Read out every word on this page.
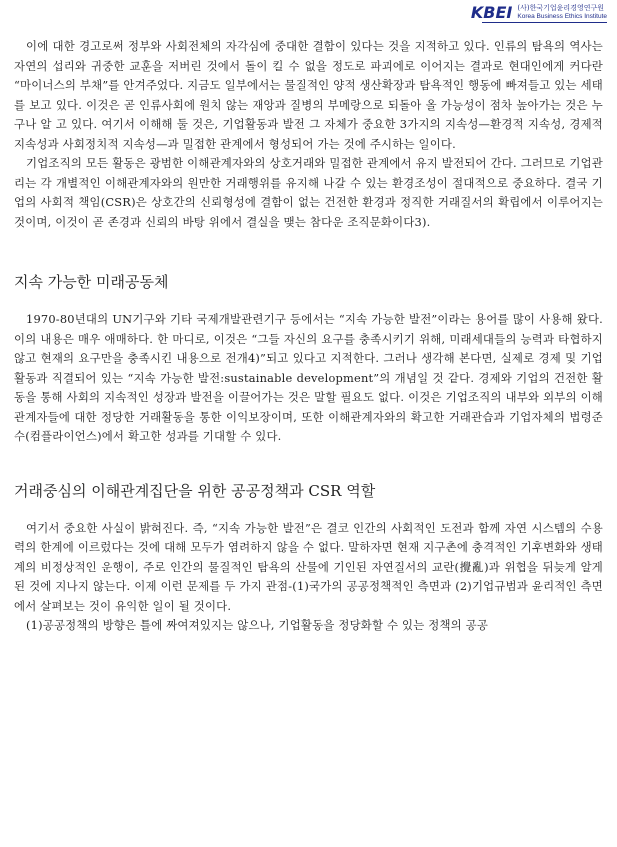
KBEI (사)한국기업윤리경영연구원
Korea Business Ethics Institute

이에 대한 경고로써 정부와 사회전체의 자각심에 중대한 결함이 있다는 것을 지적하고 있다. 인류의 탐욕의 역사는 자연의 섭리와 귀중한 교훈을 저버린 것에서 돌이 킬 수 없을 정도로 파괴에로 이어지는 결과로 현대인에게 커다란 “마이너스의 부채”를 안겨주었다. 지금도 일부에서는 물질적인 양적 생산확장과 탐욕적인 행동에 빠져들고 있는 세태를 보고 있다. 이것은 곧 인류사회에 원치 않는 재앙과 질병의 부메랑으로 되돌아 올 가능성이 점차 높아가는 것은 누구나 알 고 있다. 여기서 이해해 둘 것은, 기업활동과 발전 그 자체가 중요한 3가지의 지속성—환경적 지속성, 경제적 지속성과 사회정치적 지속성—과 밀접한 관계에서 형성되어 가는 것에 주시하는 일이다.

기업조직의 모든 활동은 광범한 이해관계자와의 상호거래와 밀접한 관계에서 유지 발전되어 간다. 그러므로 기업관리는 각 개별적인 이해관계자와의 원만한 거래행위를 유지해 나갈 수 있는 환경조성이 절대적으로 중요하다. 결국 기업의 사회적 책임(CSR)은 상호간의 신뢰형성에 결함이 없는 건전한 환경과 정직한 거래질서의 확립에서 이루어지는 것이며, 이것이 곧 존경과 신뢰의 바탕 위에서 결실을 맺는 참다운 조직문화이다3).

지속 가능한 미래공동체

1970-80년대의 UN기구와 기타 국제개발관련기구 등에서는 “지속 가능한 발전”이라는 용어를 많이 사용해 왔다. 이의 내용은 매우 애매하다. 한 마디로, 이것은 “그들 자신의 요구를 충족시키기 위해, 미래세대들의 능력과 타협하지 않고 현재의 요구만을 충족시킨 내용으로 전개4)”되고 있다고 지적한다. 그러나 생각해 본다면, 실제로 경제 및 기업활동과 직결되어 있는 “지속 가능한 발전:sustainable development”의 개념일 것 같다. 경제와 기업의 건전한 활동을 통해 사회의 지속적인 성장과 발전을 이끌어가는 것은 말할 필요도 없다. 이것은 기업조직의 내부와 외부의 이해관계자들에 대한 정당한 거래활동을 통한 이익보장이며, 또한 이해관계자와의 확고한 거래관습과 기업자체의 법령준수(컴플라이언스)에서 확고한 성과를 기대할 수 있다.

거래중심의 이해관계집단을 위한 공공정책과 CSR 역할

여기서 중요한 사실이 밝혀진다. 즉, “지속 가능한 발전”은 결코 인간의 사회적인 도전과 함께 자연 시스템의 수용력의 한계에 이르렀다는 것에 대해 모두가 염려하지 않을 수 없다. 말하자면 현재 지구촌에 충격적인 기후변화와 생태계의 비정상적인 운행이, 주로 인간의 물질적인 탐욕의 산물에 기인된 자연질서의 교란(攪亂)과 위협을 뒤늦게 알게 된 것에 지나지 않는다. 이제 이런 문제를 두 가지 관점-(1)국가의 공공정책적인 측면과 (2)기업규범과 윤리적인 측면에서 살펴보는 것이 유익한 일이 될 것이다.

(1)공공정책의 방향은 틀에 짜여져있지는 않으나, 기업활동을 정당화할 수 있는 정책의 공공
